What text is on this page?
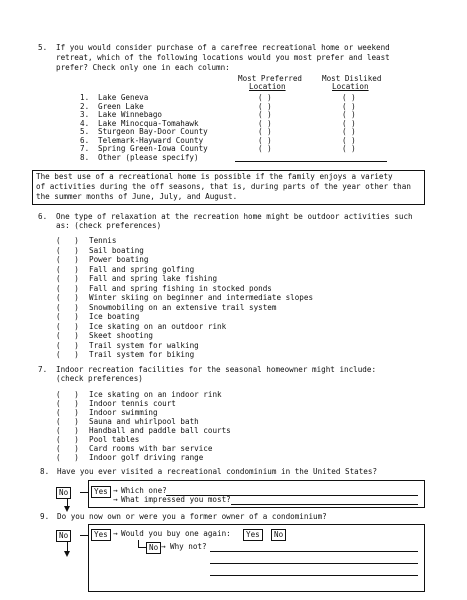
5. If you would consider purchase of a carefree recreational home or weekend
retreat, which of the following locations would you most prefer and least
prefer? Check only one in each column:
Most Preferred
Location
Most Disliked
Location
1. Lake Geneva	( )	( )
2. Green Lake	( )	( )
3. Lake Winnebago	( )	( )
4. Lake Minocqua-Tomahawk	( )	( )
5. Sturgeon Bay-Door County	( )	( )
6. Telemark-Hayward County	( )	( )
7. Spring Green-Iowa County	( )	( )
8. Other (please specify)
The best use of a recreational home is possible if the family enjoys a variety
of activities during the off seasons, that is, during parts of the year other than
the summer months of June, July, and August.
6. One type of relaxation at the recreation home might be outdoor activities such
as: (check preferences)
(   ) Tennis
(   ) Sail boating
(   ) Power boating
(   ) Fall and spring golfing
(   ) Fall and spring lake fishing
(   ) Fall and spring fishing in stocked ponds
(   ) Winter skiing on beginner and intermediate slopes
(   ) Snowmobiling on an extensive trail system
(   ) Ice boating
(   ) Ice skating on an outdoor rink
(   ) Skeet shooting
(   ) Trail system for walking
(   ) Trail system for biking
7. Indoor recreation facilities for the seasonal homeowner might include:
(check preferences)
(   ) Ice skating on an indoor rink
(   ) Indoor tennis court
(   ) Indoor swimming
(   ) Sauna and whirlpool bath
(   ) Handball and paddle ball courts
(   ) Pool tables
(   ) Card rooms with bar service
(   ) Indoor golf driving range
8. Have you ever visited a recreational condominium in the United States?
No	Yes → Which one?
→ What impressed you most?
9. Do you now own or were you a former owner of a condominium?
No	Yes → Would you buy one again:	Yes	No
No → Why not?
